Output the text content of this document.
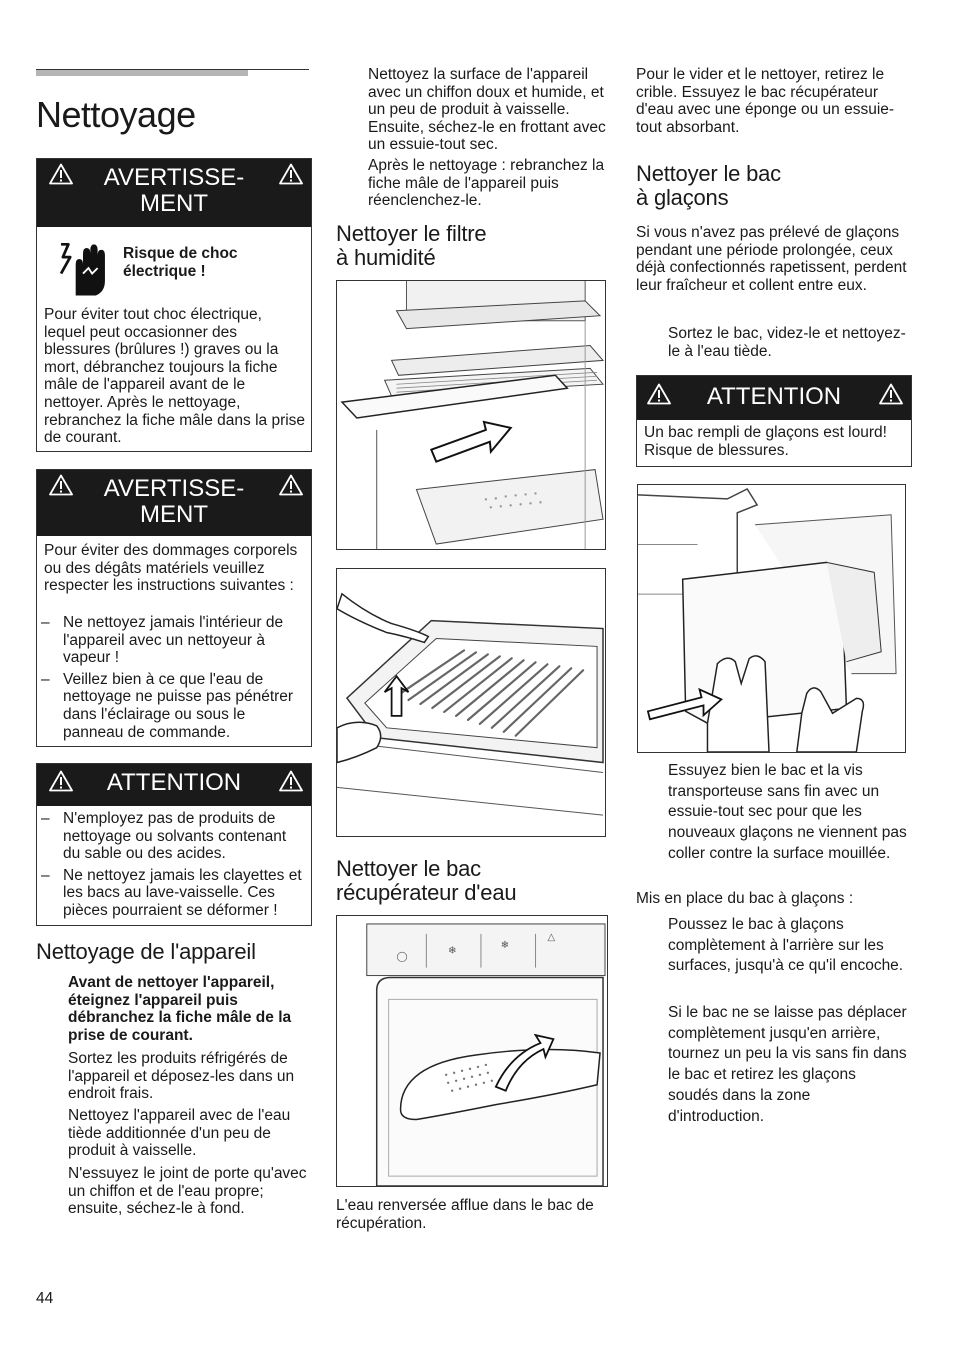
Nettoyage
AVERTISSE-
MENT
Risque de choc électrique !

Pour éviter tout choc électrique, lequel peut occasionner des blessures (brûlures !) graves ou la mort, débranchez toujours la fiche mâle de l'appareil avant de le nettoyer. Après le nettoyage, rebranchez la fiche mâle dans la prise de courant.

AVERTISSE-
MENT

Pour éviter des dommages corporels ou des dégâts matériels veuillez respecter les instructions suivantes :

– Ne nettoyez jamais l'intérieur de l'appareil avec un nettoyeur à vapeur !
– Veillez bien à ce que l'eau de nettoyage ne puisse pas pénétrer dans l'éclairage ou sous le panneau de commande.
ATTENTION
– N'employez pas de produits de nettoyage ou solvants contenant du sable ou des acides.
– Ne nettoyez jamais les clayettes et les bacs au lave-vaisselle. Ces pièces pourraient se déformer !
Nettoyage de l'appareil

Avant de nettoyer l'appareil, éteignez l'appareil puis débranchez la fiche mâle de la prise de courant.

Sortez les produits réfrigérés de l'appareil et déposez-les dans un endroit frais.

Nettoyez l'appareil avec de l'eau tiède additionnée d'un peu de produit à vaisselle.

N'essuyez le joint de porte qu'avec un chiffon et de l'eau propre; ensuite, séchez-le à fond.

44

Nettoyez la surface de l'appareil avec un chiffon doux et humide, et un peu de produit à vaisselle. Ensuite, séchez-le en frottant avec un essuie-tout sec.

Après le nettoyage : rebranchez la fiche mâle de l'appareil puis réenclenchez-le.

Nettoyer le filtre
à humidité
Nettoyer le bac
récupérateur d'eau
◯
❄
❄
△

L'eau renversée afflue dans le bac de récupération.

Pour le vider et le nettoyer, retirez le crible. Essuyez le bac récupérateur d'eau avec une éponge ou un essuie-tout absorbant.

Nettoyer le bac
à glaçons

Si vous n'avez pas prélevé de glaçons pendant une période prolongée, ceux déjà confectionnés rapetissent, perdent leur fraîcheur et collent entre eux.

Sortez le bac, videz-le et nettoyez-le à l'eau tiède.

ATTENTION

Un bac rempli de glaçons est lourd! Risque de blessures.

Essuyez bien le bac et la vis transporteuse sans fin avec un essuie-tout sec pour que les nouveaux glaçons ne viennent pas coller contre la surface mouillée.

Mis en place du bac à glaçons :

Poussez le bac à glaçons complètement à l'arrière sur les surfaces, jusqu'à ce qu'il encoche.

Si le bac ne se laisse pas déplacer complètement jusqu'en arrière, tournez un peu la vis sans fin dans le bac et retirez les glaçons soudés dans la zone d'introduction.
